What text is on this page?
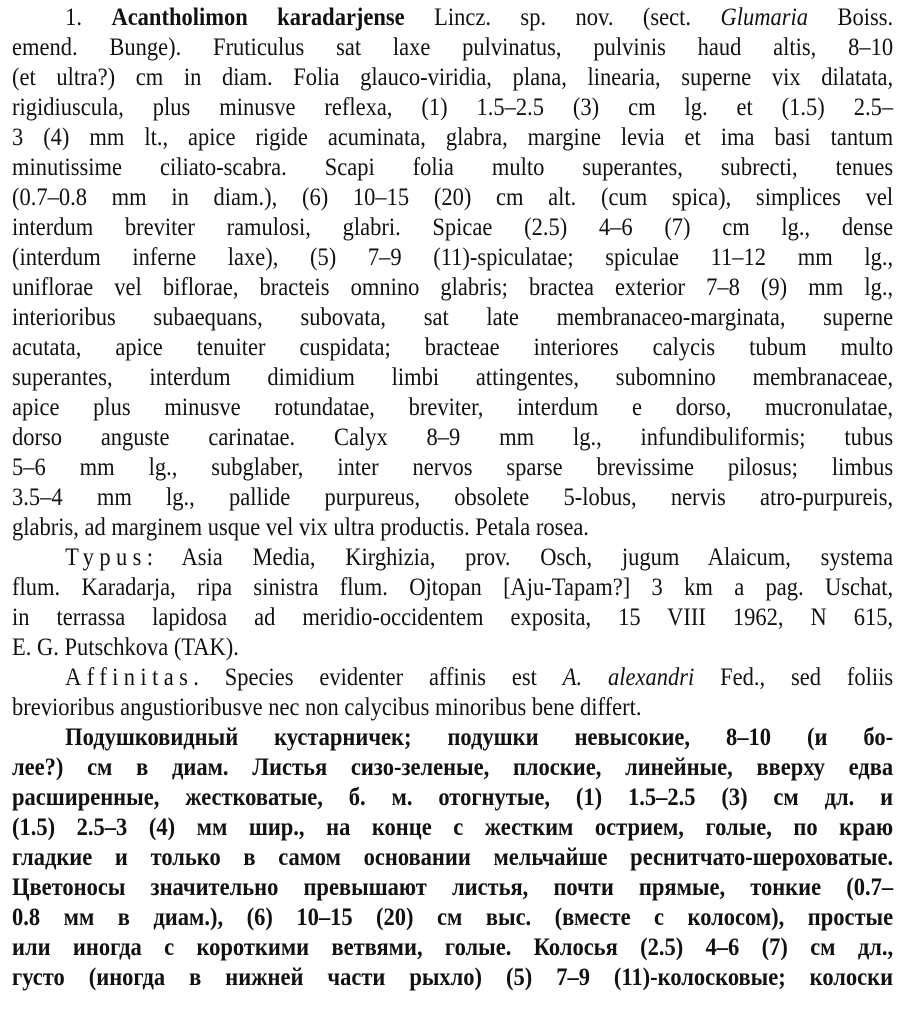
1. Acantholimon karadarjense Lincz. sp. nov. (sect. Glumaria Boiss.
emend. Bunge). Fruticulus sat laxe pulvinatus, pulvinis haud altis, 8–10
(et ultra?) cm in diam. Folia glauco-viridia, plana, linearia, superne vix dilatata,
rigidiuscula, plus minusve reflexa, (1) 1.5–2.5 (3) cm lg. et (1.5) 2.5–
3 (4) mm lt., apice rigide acuminata, glabra, margine levia et ima basi tantum
minutissime ciliato-scabra. Scapi folia multo superantes, subrecti, tenues
(0.7–0.8 mm in diam.), (6) 10–15 (20) cm alt. (cum spica), simplices vel
interdum breviter ramulosi, glabri. Spicae (2.5) 4–6 (7) cm lg., dense
(interdum inferne laxe), (5) 7–9 (11)-spiculatae; spiculae 11–12 mm lg.,
uniflorae vel biflorae, bracteis omnino glabris; bractea exterior 7–8 (9) mm lg.,
interioribus subaequans, subovata, sat late membranaceo-marginata, superne
acutata, apice tenuiter cuspidata; bracteae interiores calycis tubum multo
superantes, interdum dimidium limbi attingentes, subomnino membranaceae,
apice plus minusve rotundatae, breviter, interdum e dorso, mucronulatae,
dorso anguste carinatae. Calyx 8–9 mm lg., infundibuliformis; tubus
5–6 mm lg., subglaber, inter nervos sparse brevissime pilosus; limbus
3.5–4 mm lg., pallide purpureus, obsolete 5-lobus, nervis atro-purpureis,
glabris, ad marginem usque vel vix ultra productis. Petala rosea.
Typus: Asia Media, Kirghizia, prov. Osch, jugum Alaicum, systema
flum. Karadarja, ripa sinistra flum. Ojtopan [Aju-Tapam?] 3 km a pag. Uschat,
in terrassa lapidosa ad meridio-occidentem exposita, 15 VIII 1962, N 615,
E. G. Putschkova (TAK).
Affinitas. Species evidenter affinis est A. alexandri Fed., sed foliis
brevioribus angustioribusve nec non calycibus minoribus bene differt.
Подушковидный кустарничек; подушки невысокие, 8–10 (и бо-
лее?) см в диам. Листья сизо-зеленые, плоские, линейные, вверху едва
расширенные, жестковатые, б. м. отогнутые, (1) 1.5–2.5 (3) см дл. и
(1.5) 2.5–3 (4) мм шир., на конце с жестким острием, голые, по краю
гладкие и только в самом основании мельчайше реснитчато-шероховатые.
Цветоносы значительно превышают листья, почти прямые, тонкие (0.7–
0.8 мм в диам.), (6) 10–15 (20) см выс. (вместе с колосом), простые
или иногда с короткими ветвями, голые. Колосья (2.5) 4–6 (7) см дл.,
густо (иногда в нижней части рыхло) (5) 7–9 (11)-колосковые; колоски
